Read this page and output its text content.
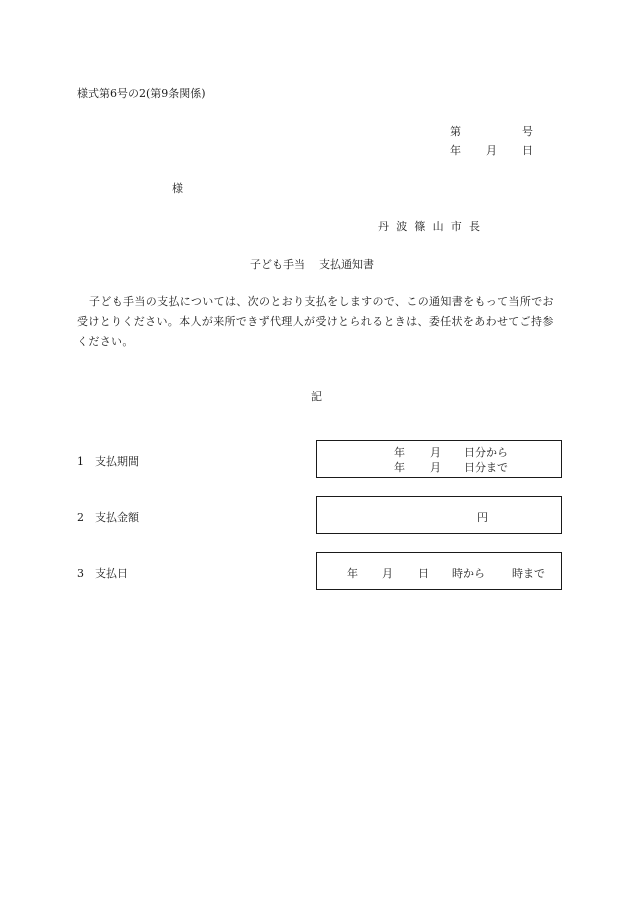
様式第6号の2(第9条関係)
第	号
年 月 日
様
丹波篠山市長
子ども手当 支払通知書

子ども手当の支払については、次のとおり支払をしますので、この通知書をもって当所でお受けとりください。本人が来所できず代理人が受けとられるときは、委任状をあわせてご持参ください。

記
1 支払期間
年 月 日分から
年 月 日分まで
2 支払金額	円
3 支払日	年 月 日 時から 時まで
